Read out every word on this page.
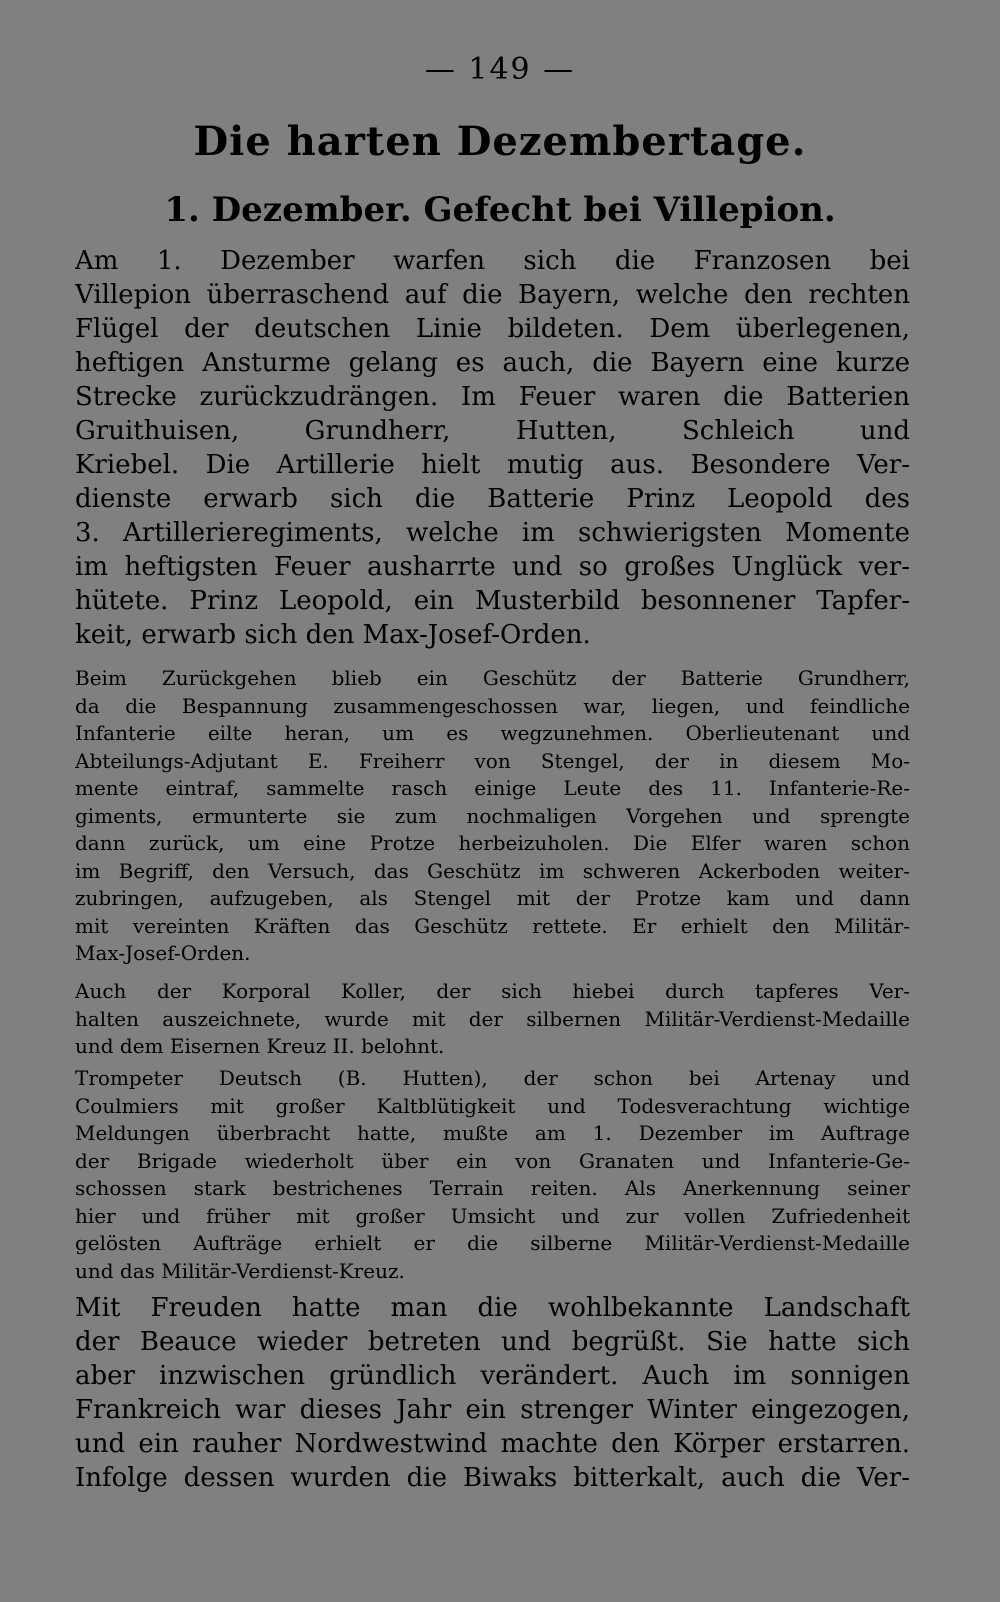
— 149 —
Die harten Dezembertage.
1. Dezember. Gefecht bei Villepion.
Am 1. Dezember warfen sich die Franzosen bei
Villepion überraschend auf die Bayern, welche den rechten
Flügel der deutschen Linie bildeten. Dem überlegenen,
heftigen Ansturme gelang es auch, die Bayern eine kurze
Strecke zurückzudrängen. Im Feuer waren die Batterien
Gruithuisen, Grundherr, Hutten, Schleich und
Kriebel. Die Artillerie hielt mutig aus. Besondere Ver-
dienste erwarb sich die Batterie Prinz Leopold des
3. Artillerieregiments, welche im schwierigsten Momente
im heftigsten Feuer ausharrte und so großes Unglück ver-
hütete. Prinz Leopold, ein Musterbild besonnener Tapfer-
keit, erwarb sich den Max-Josef-Orden.
Beim Zurückgehen blieb ein Geschütz der Batterie Grundherr,
da die Bespannung zusammengeschossen war, liegen, und feindliche
Infanterie eilte heran, um es wegzunehmen. Oberlieutenant und
Abteilungs-Adjutant E. Freiherr von Stengel, der in diesem Mo-
mente eintraf, sammelte rasch einige Leute des 11. Infanterie-Re-
giments, ermunterte sie zum nochmaligen Vorgehen und sprengte
dann zurück, um eine Protze herbeizuholen. Die Elfer waren schon
im Begriff, den Versuch, das Geschütz im schweren Ackerboden weiter-
zubringen, aufzugeben, als Stengel mit der Protze kam und dann
mit vereinten Kräften das Geschütz rettete. Er erhielt den Militär-
Max-Josef-Orden.
Auch der Korporal Koller, der sich hiebei durch tapferes Ver-
halten auszeichnete, wurde mit der silbernen Militär-Verdienst-Medaille
und dem Eisernen Kreuz II. belohnt.
Trompeter Deutsch (B. Hutten), der schon bei Artenay und
Coulmiers mit großer Kaltblütigkeit und Todesverachtung wichtige
Meldungen überbracht hatte, mußte am 1. Dezember im Auftrage
der Brigade wiederholt über ein von Granaten und Infanterie-Ge-
schossen stark bestrichenes Terrain reiten. Als Anerkennung seiner
hier und früher mit großer Umsicht und zur vollen Zufriedenheit
gelösten Aufträge erhielt er die silberne Militär-Verdienst-Medaille
und das Militär-Verdienst-Kreuz.
Mit Freuden hatte man die wohlbekannte Landschaft
der Beauce wieder betreten und begrüßt. Sie hatte sich
aber inzwischen gründlich verändert. Auch im sonnigen
Frankreich war dieses Jahr ein strenger Winter eingezogen,
und ein rauher Nordwestwind machte den Körper erstarren.
Infolge dessen wurden die Biwaks bitterkalt, auch die Ver-
